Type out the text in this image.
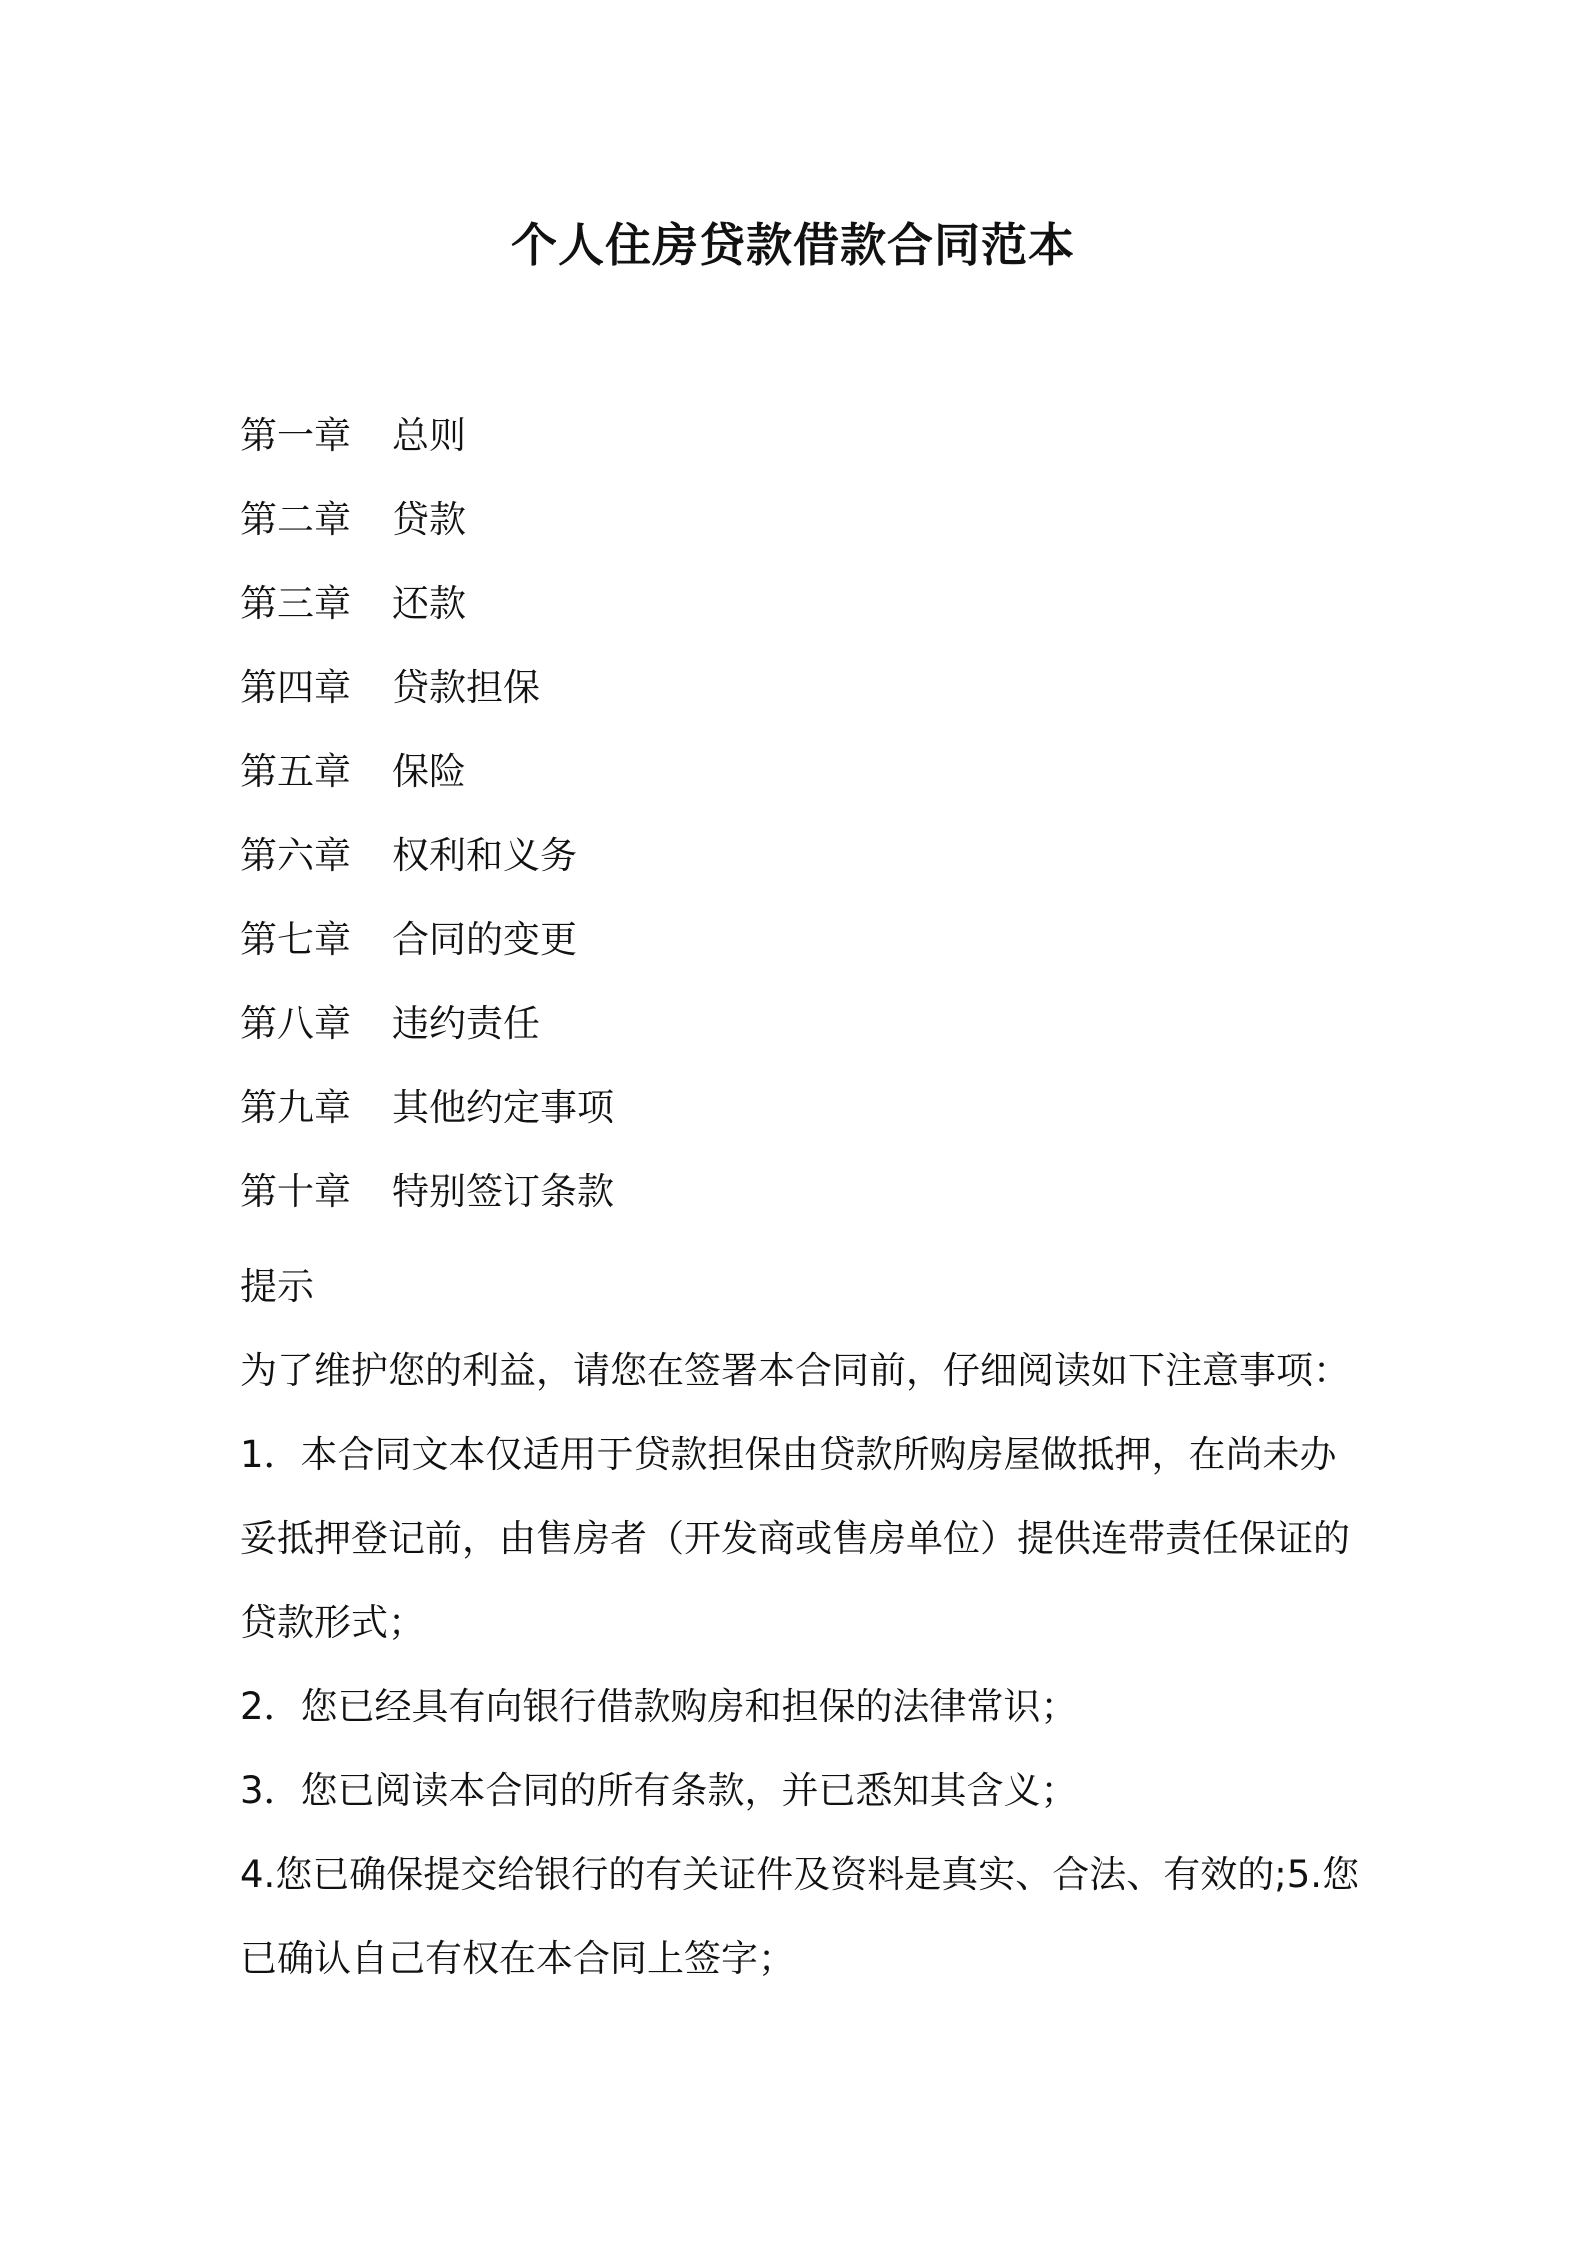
个人住房贷款借款合同范本
第一章 总则
第二章 贷款
第三章 还款
第四章 贷款担保
第五章 保险
第六章 权利和义务
第七章 合同的变更
第八章 违约责任
第九章 其他约定事项
第十章 特别签订条款

提示

为了维护您的利益，请您在签署本合同前，仔细阅读如下注意事项：

1．本合同文本仅适用于贷款担保由贷款所购房屋做抵押，在尚未办妥抵押登记前，由售房者（开发商或售房单位）提供连带责任保证的贷款形式；

2．您已经具有向银行借款购房和担保的法律常识；

3．您已阅读本合同的所有条款，并已悉知其含义；

4.您已确保提交给银行的有关证件及资料是真实、合法、有效的;5.您已确认自己有权在本合同上签字；
